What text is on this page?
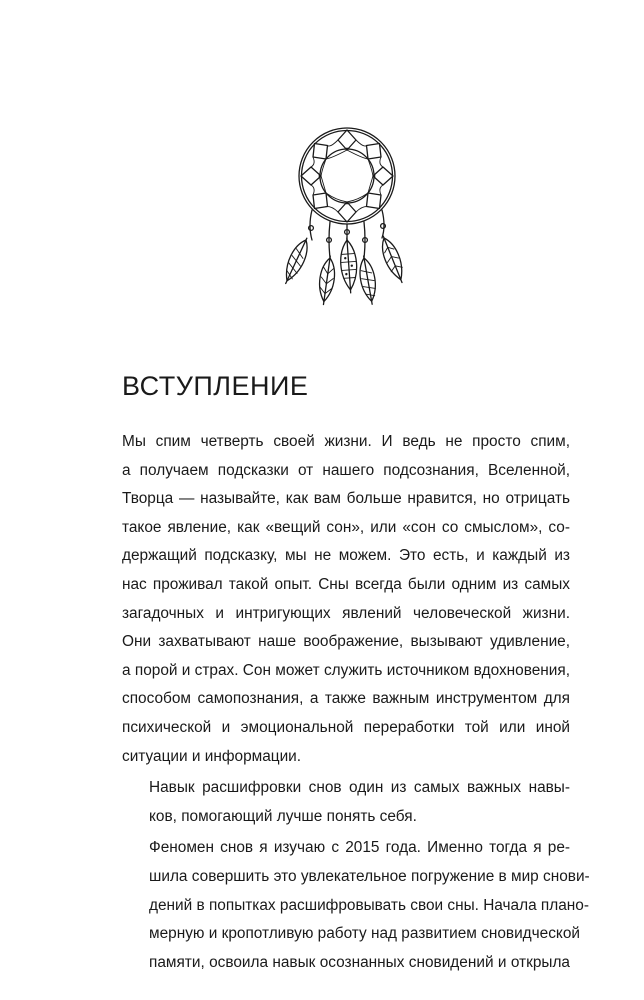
ВСТУПЛЕНИЕ

Мы спим четверть своей жизни. И ведь не просто спим,
а получаем подсказки от нашего подсознания, Вселенной,
Творца — называйте, как вам больше нравится, но отрицать
такое явление, как «вещий сон», или «сон со смыслом», со-
держащий подсказку, мы не можем. Это есть, и каждый из
нас проживал такой опыт. Сны всегда были одним из самых
загадочных и интригующих явлений человеческой жизни.
Они захватывают наше воображение, вызывают удивление,
а порой и страх. Сон может служить источником вдохновения,
способом самопознания, а также важным инструментом для
психической и эмоциональной переработки той или иной
ситуации и информации.

Навык расшифровки снов один из самых важных навы-
ков, помогающий лучше понять себя.

Феномен снов я изучаю с 2015 года. Именно тогда я ре-
шила совершить это увлекательное погружение в мир снови-
дений в попытках расшифровывать свои сны. Начала плано-
мерную и кропотливую работу над развитием сновидческой
памяти, освоила навык осознанных сновидений и открыла
